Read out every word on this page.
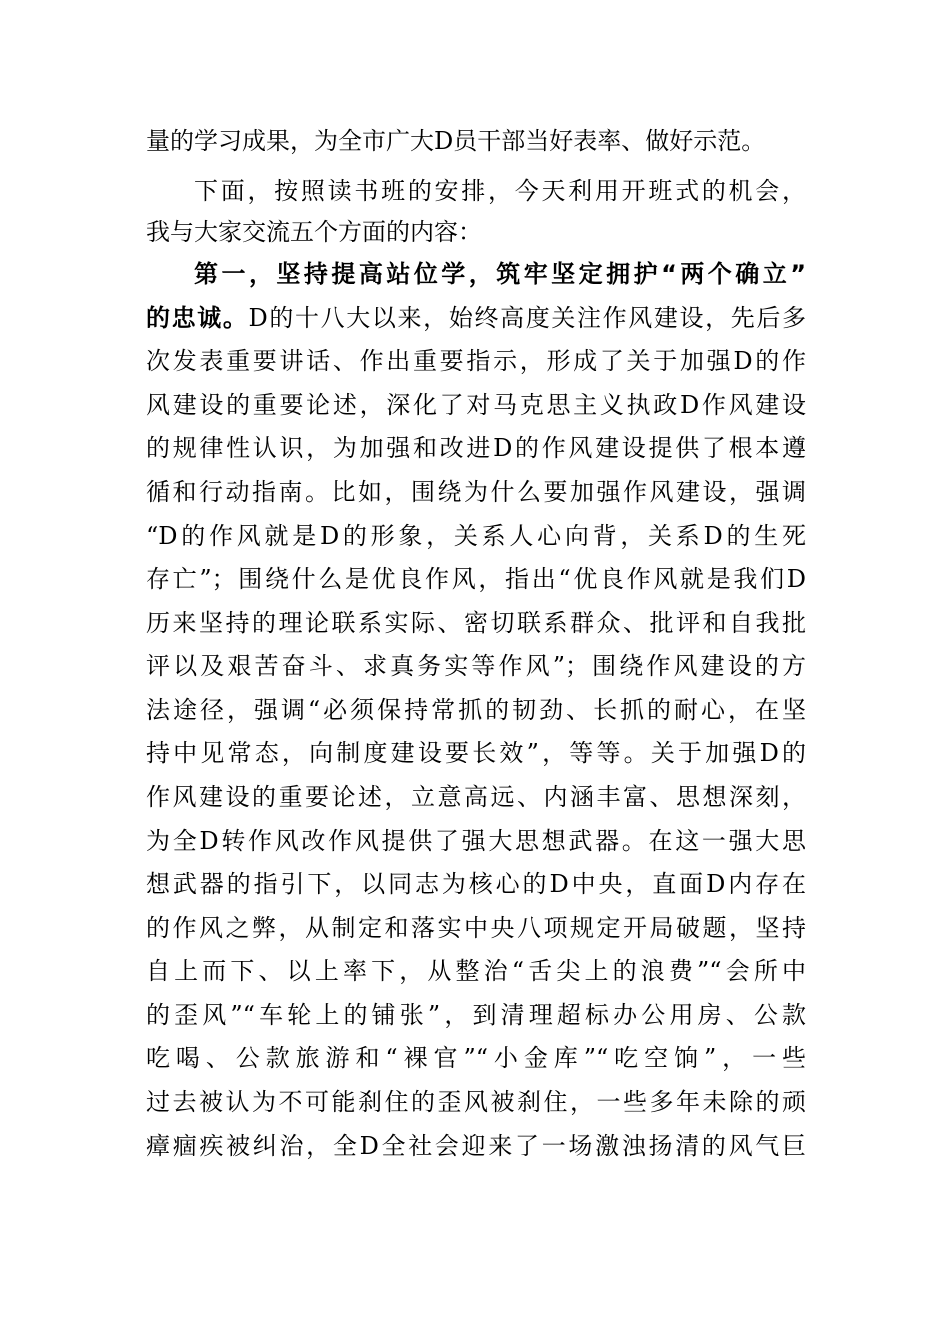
量的学习成果，为全市广大D员干部当好表率、做好示范。
下面，按照读书班的安排，今天利用开班式的机会，
我与大家交流五个方面的内容：
第一，坚持提高站位学，筑牢坚定拥护“两个确立”
的忠诚。D的十八大以来，始终高度关注作风建设，先后多
次发表重要讲话、作出重要指示，形成了关于加强D的作
风建设的重要论述，深化了对马克思主义执政D作风建设
的规律性认识，为加强和改进D的作风建设提供了根本遵
循和行动指南。比如，围绕为什么要加强作风建设，强调
“D的作风就是D的形象，关系人心向背，关系D的生死
存亡”；围绕什么是优良作风，指出“优良作风就是我们D
历来坚持的理论联系实际、密切联系群众、批评和自我批
评以及艰苦奋斗、求真务实等作风”；围绕作风建设的方
法途径，强调“必须保持常抓的韧劲、长抓的耐心，在坚
持中见常态，向制度建设要长效”，等等。关于加强D的
作风建设的重要论述，立意高远、内涵丰富、思想深刻，
为全D转作风改作风提供了强大思想武器。在这一强大思
想武器的指引下，以同志为核心的D中央，直面D内存在
的作风之弊，从制定和落实中央八项规定开局破题，坚持
自上而下、以上率下，从整治“舌尖上的浪费”“会所中
的歪风”“车轮上的铺张”，到清理超标办公用房、公款
吃喝、公款旅游和“裸官”“小金库”“吃空饷”，一些
过去被认为不可能刹住的歪风被刹住，一些多年未除的顽
瘴痼疾被纠治，全D全社会迎来了一场激浊扬清的风气巨
